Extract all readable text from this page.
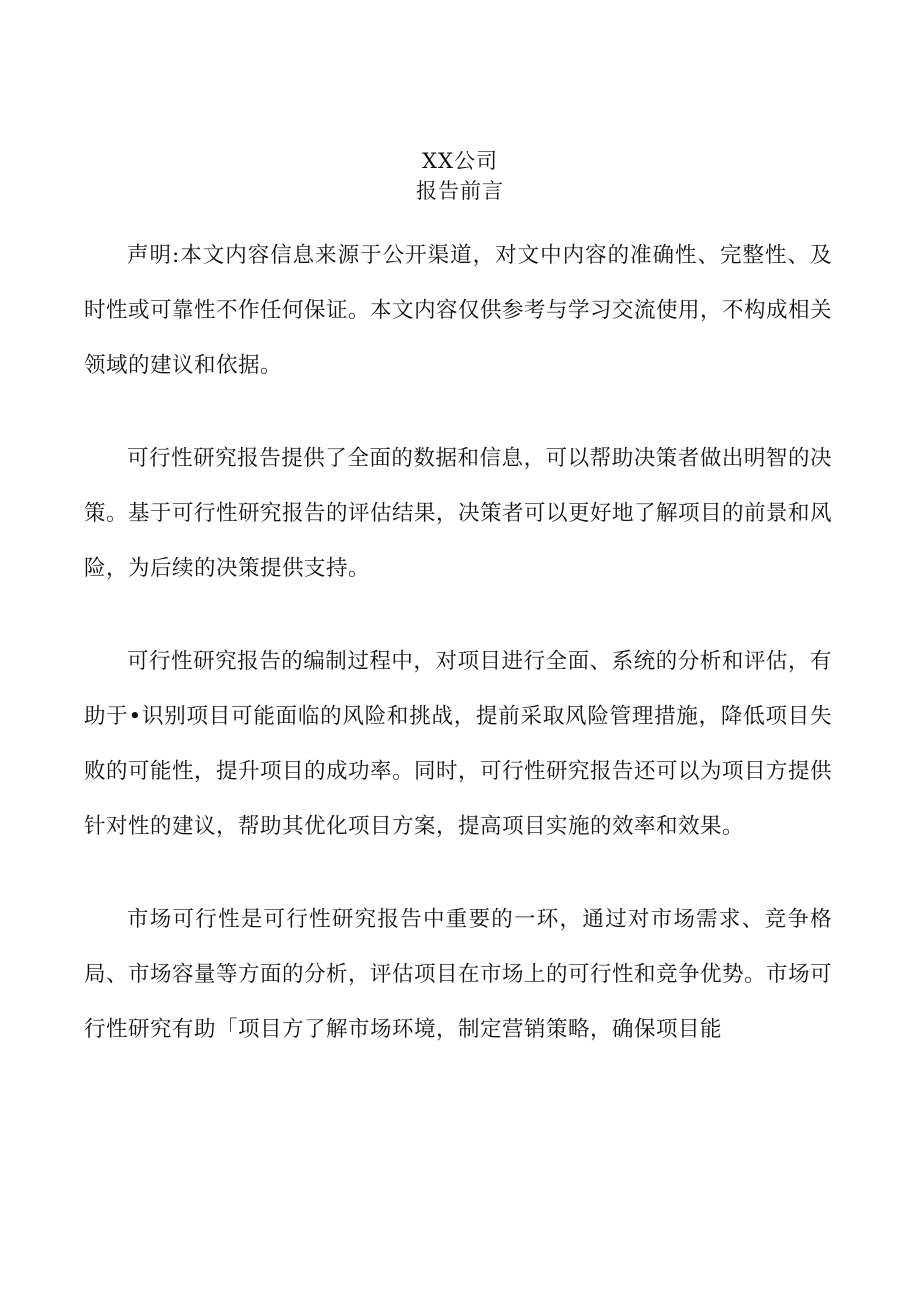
XX公司
报告前言

声明:本文内容信息来源于公开渠道，对文中内容的准确性、完整性、及时性或可靠性不作任何保证。本文内容仅供参考与学习交流使用，不构成相关领域的建议和依据。

可行性研究报告提供了全面的数据和信息，可以帮助决策者做出明智的决策。基于可行性研究报告的评估结果，决策者可以更好地了解项目的前景和风险，为后续的决策提供支持。

可行性研究报告的编制过程中，对项目进行全面、系统的分析和评估，有助于•识别项目可能面临的风险和挑战，提前采取风险管理措施，降低项目失败的可能性，提升项目的成功率。同时，可行性研究报告还可以为项目方提供针对性的建议，帮助其优化项目方案，提高项目实施的效率和效果。

市场可行性是可行性研究报告中重要的一环，通过对市场需求、竞争格局、市场容量等方面的分析，评估项目在市场上的可行性和竞争优势。市场可行性研究有助「项目方了解市场环境，制定营销策略，确保项目能
